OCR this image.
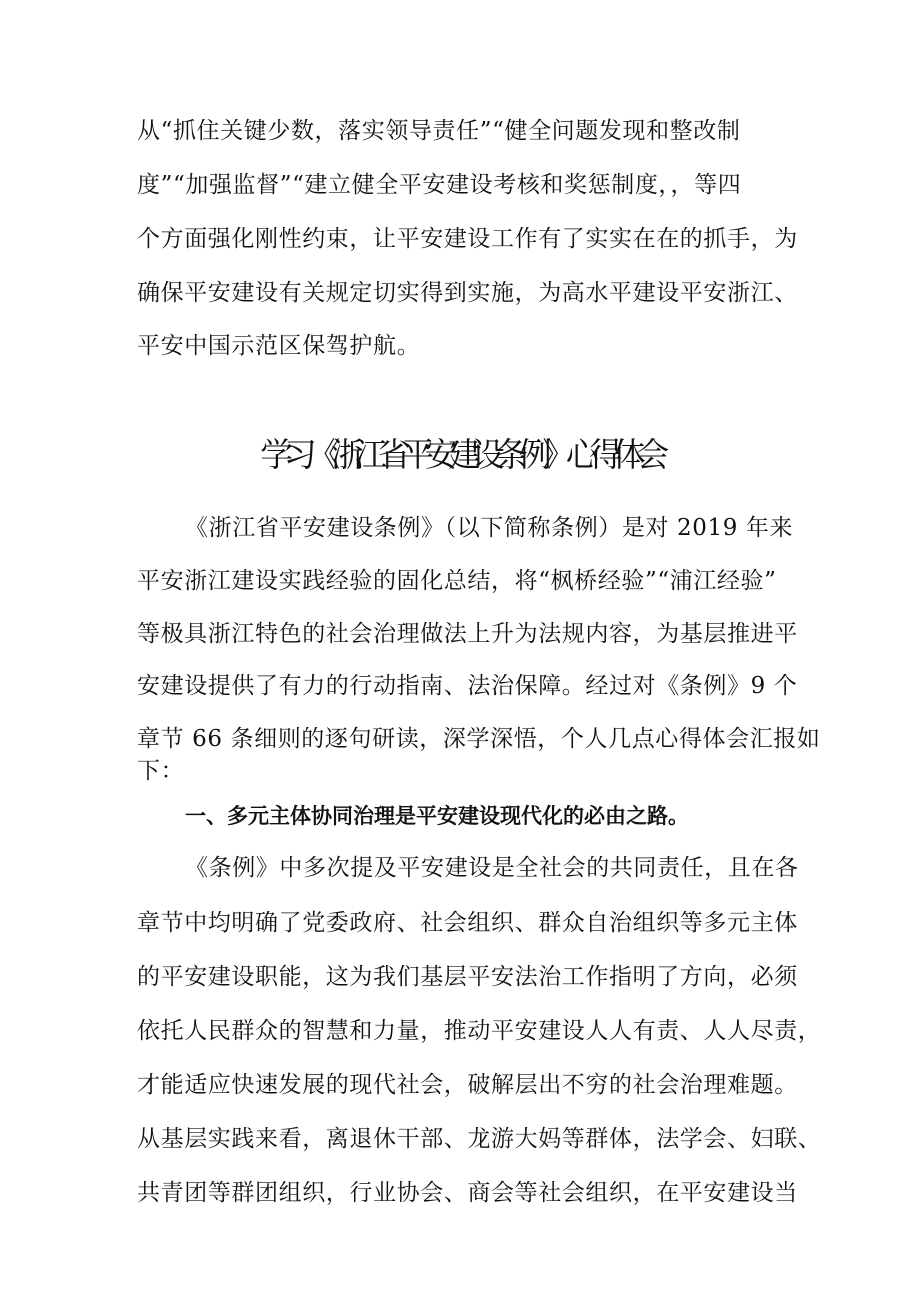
从“抓住关键少数，落实领导责任”“健全问题发现和整改制
度”“加强监督”“建立健全平安建设考核和奖惩制度，，等四
个方面强化刚性约束，让平安建设工作有了实实在在的抓手，为
确保平安建设有关规定切实得到实施，为高水平建设平安浙江、
平安中国示范区保驾护航。
学习《浙江省平安建设条例》心得体会
《浙江省平安建设条例》（以下简称条例）是对 2019 年来
平安浙江建设实践经验的固化总结，将“枫桥经验”“浦江经验”
等极具浙江特色的社会治理做法上升为法规内容，为基层推进平
安建设提供了有力的行动指南、法治保障。经过对《条例》9 个
章节 66 条细则的逐句研读，深学深悟，个人几点心得体会汇报如
下：
一、多元主体协同治理是平安建设现代化的必由之路。
《条例》中多次提及平安建设是全社会的共同责任，且在各
章节中均明确了党委政府、社会组织、群众自治组织等多元主体
的平安建设职能，这为我们基层平安法治工作指明了方向，必须
依托人民群众的智慧和力量，推动平安建设人人有责、人人尽责，
才能适应快速发展的现代社会，破解层出不穷的社会治理难题。
从基层实践来看，离退休干部、龙游大妈等群体，法学会、妇联、
共青团等群团组织，行业协会、商会等社会组织，在平安建设当
